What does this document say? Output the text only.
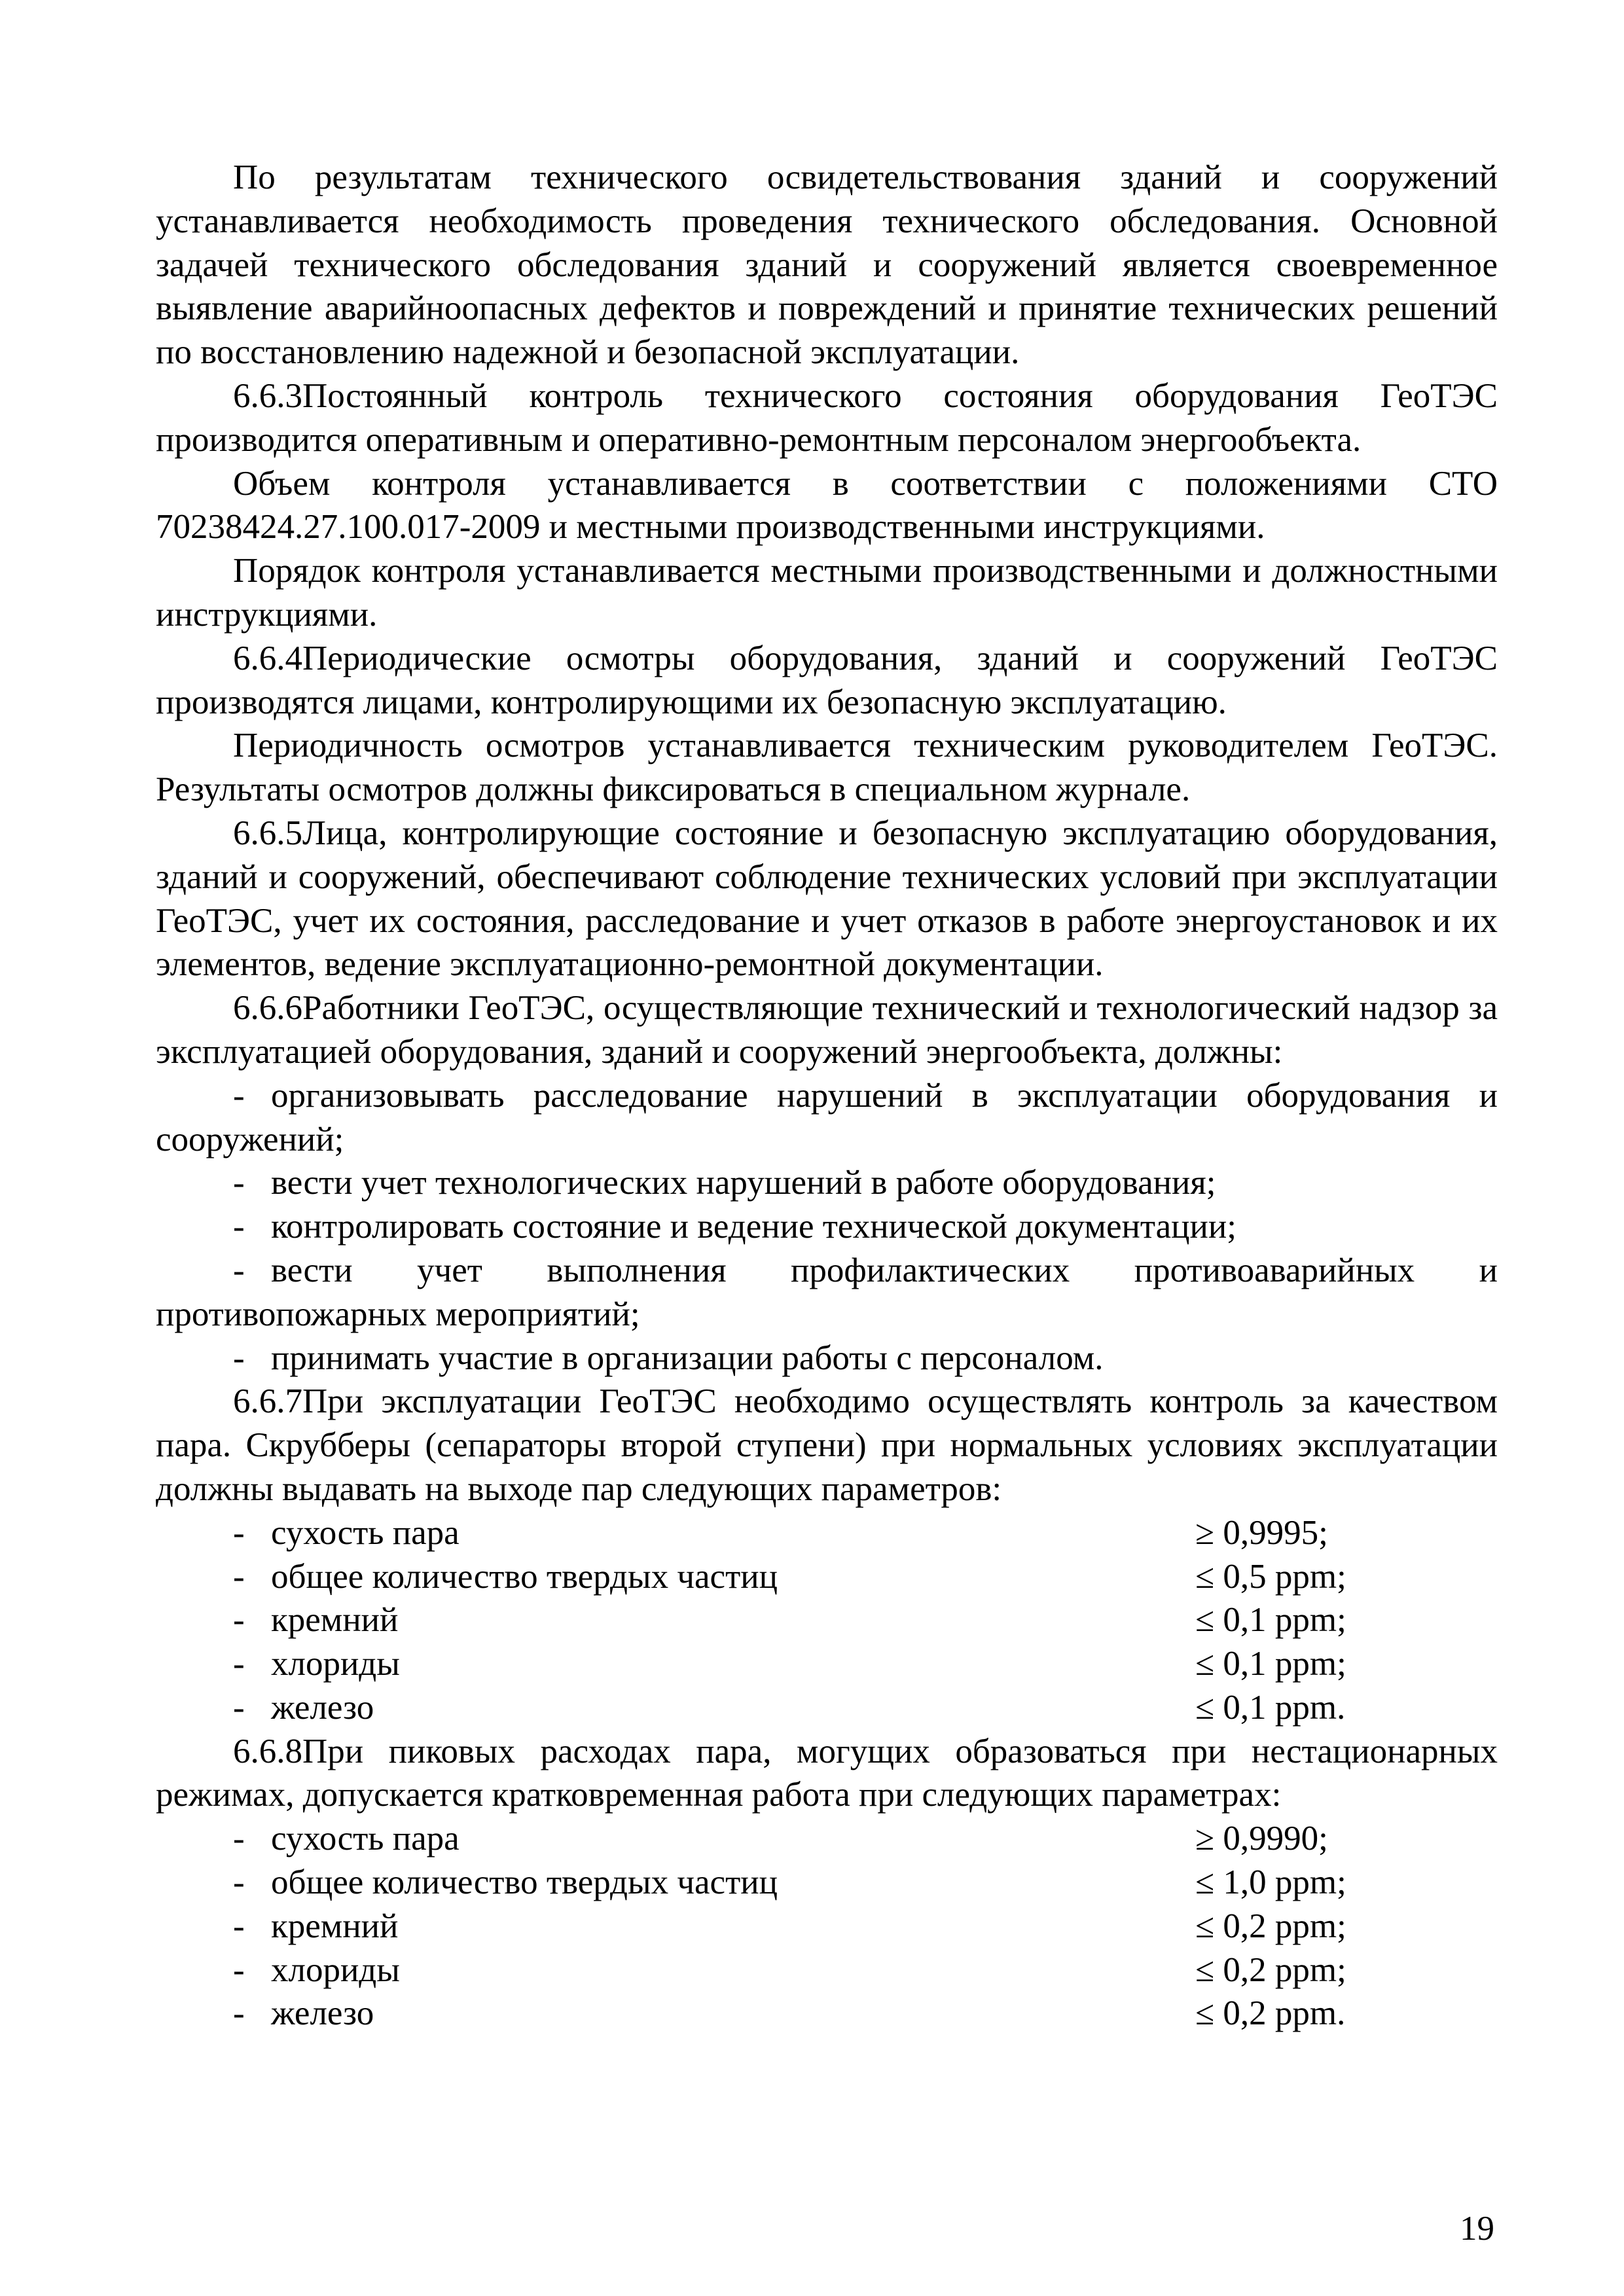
По результатам технического освидетельствования зданий и сооружений устанавливается необходимость проведения технического обследования. Основной задачей технического обследования зданий и сооружений является своевременное выявление аварийноопасных дефектов и повреждений и принятие технических решений по восстановлению надежной и безопасной эксплуатации.

6.6.3Постоянный контроль технического состояния оборудования ГеоТЭС производится оперативным и оперативно-ремонтным персоналом энергообъекта.

Объем контроля устанавливается в соответствии с положениями СТО 70238424.27.100.017-2009 и местными производственными инструкциями.

Порядок контроля устанавливается местными производственными и должностными инструкциями.

6.6.4Периодические осмотры оборудования, зданий и сооружений ГеоТЭС производятся лицами, контролирующими их безопасную эксплуатацию.

Периодичность осмотров устанавливается техническим руководителем ГеоТЭС. Результаты осмотров должны фиксироваться в специальном журнале.

6.6.5Лица, контролирующие состояние и безопасную эксплуатацию оборудования, зданий и сооружений, обеспечивают соблюдение технических условий при эксплуатации ГеоТЭС, учет их состояния, расследование и учет отказов в работе энергоустановок и их элементов, ведение эксплуатационно-ремонтной документации.

6.6.6Работники ГеоТЭС, осуществляющие технический и технологический надзор за эксплуатацией оборудования, зданий и сооружений энергообъекта, должны:

- организовывать расследование нарушений в эксплуатации оборудования и сооружений;

- вести учет технологических нарушений в работе оборудования;

- контролировать состояние и ведение технической документации;

- вести учет выполнения профилактических противоаварийных и противопожарных мероприятий;

- принимать участие в организации работы с персоналом.

6.6.7При эксплуатации ГеоТЭС необходимо осуществлять контроль за качеством пара. Скрубберы (сепараторы второй ступени) при нормальных условиях эксплуатации должны выдавать на выходе пар следующих параметров:

- сухость пара	≥ 0,9995;
- общее количество твердых частиц	≤ 0,5 ppm;
- кремний	≤ 0,1 ppm;
- хлориды	≤ 0,1 ppm;
- железо	≤ 0,1 ppm.

6.6.8При пиковых расходах пара, могущих образоваться при нестационарных режимах, допускается кратковременная работа при следующих параметрах:

- сухость пара	≥ 0,9990;
- общее количество твердых частиц	≤ 1,0 ppm;
- кремний	≤ 0,2 ppm;
- хлориды	≤ 0,2 ppm;
- железо	≤ 0,2 ppm.
19
